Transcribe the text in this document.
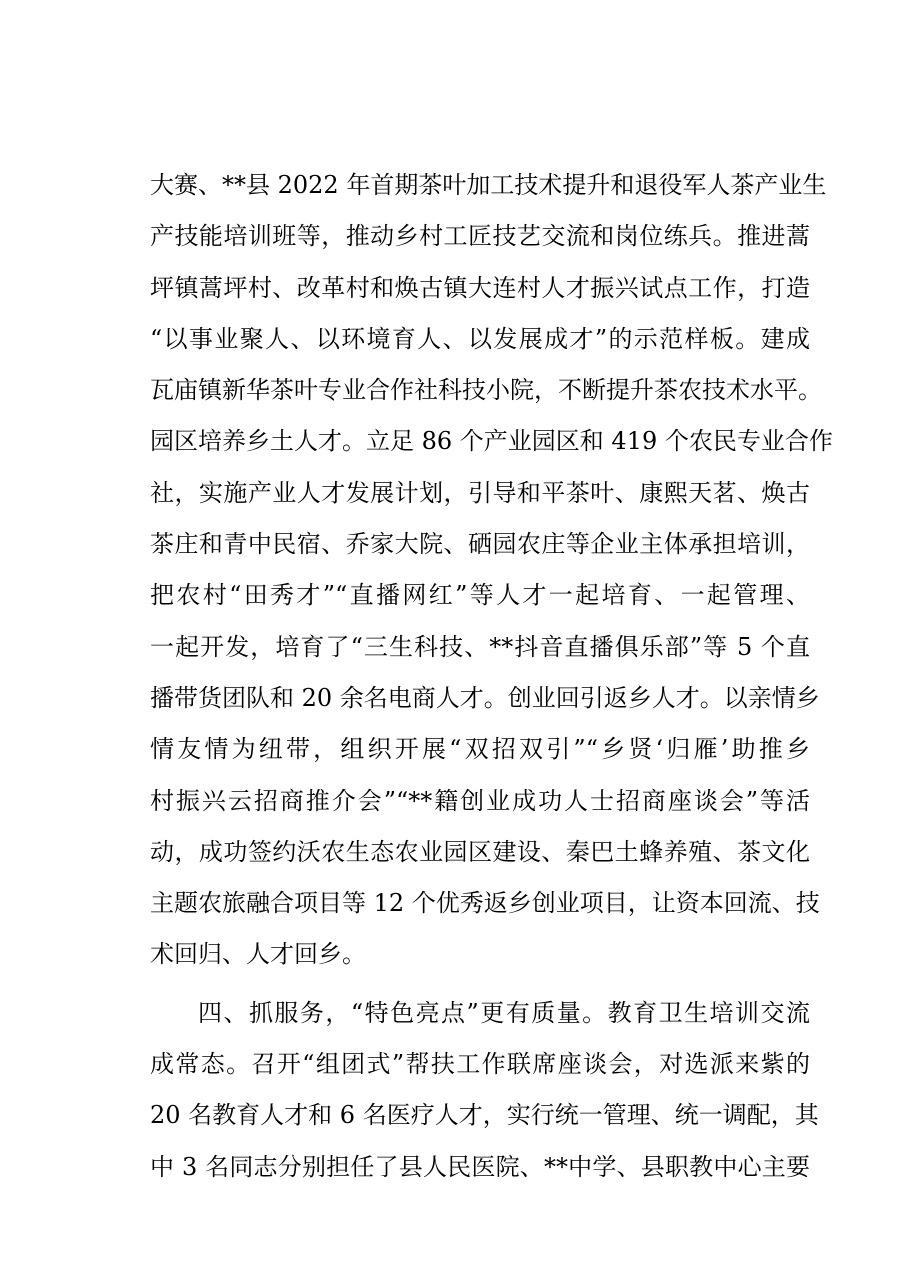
大赛、**县 2022 年首期茶叶加工技术提升和退役军人茶产业生
产技能培训班等，推动乡村工匠技艺交流和岗位练兵。推进蒿
坪镇蒿坪村、改革村和焕古镇大连村人才振兴试点工作，打造
“以事业聚人、以环境育人、以发展成才”的示范样板。建成
瓦庙镇新华茶叶专业合作社科技小院，不断提升茶农技术水平。
园区培养乡土人才。立足 86 个产业园区和 419 个农民专业合作
社，实施产业人才发展计划，引导和平茶叶、康熙天茗、焕古
茶庄和青中民宿、乔家大院、硒园农庄等企业主体承担培训，
把农村“田秀才”“直播网红”等人才一起培育、一起管理、
一起开发，培育了“三生科技、**抖音直播俱乐部”等 5 个直
播带货团队和 20 余名电商人才。创业回引返乡人才。以亲情乡
情友情为纽带，组织开展“双招双引”“乡贤‘归雁’助推乡
村振兴云招商推介会”“**籍创业成功人士招商座谈会”等活
动，成功签约沃农生态农业园区建设、秦巴土蜂养殖、茶文化
主题农旅融合项目等 12 个优秀返乡创业项目，让资本回流、技
术回归、人才回乡。
四、抓服务，“特色亮点”更有质量。教育卫生培训交流
成常态。召开“组团式”帮扶工作联席座谈会，对选派来紫的
20 名教育人才和 6 名医疗人才，实行统一管理、统一调配，其
中 3 名同志分别担任了县人民医院、**中学、县职教中心主要
